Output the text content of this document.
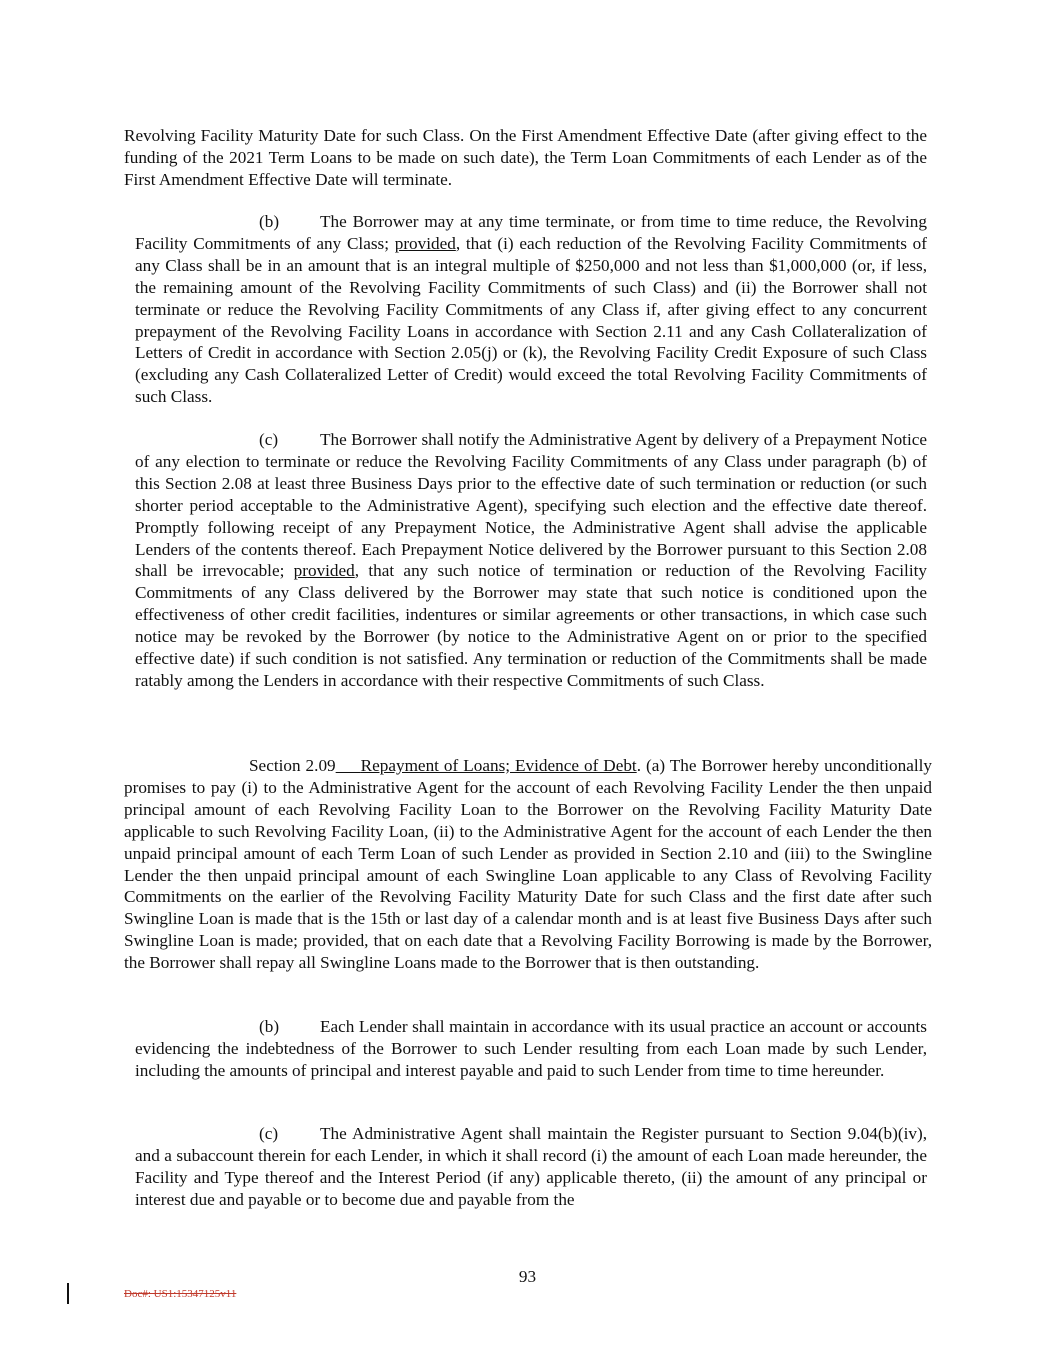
Revolving Facility Maturity Date for such Class. On the First Amendment Effective Date (after giving effect to the funding of the 2021 Term Loans to be made on such date), the Term Loan Commitments of each Lender as of the First Amendment Effective Date will terminate.

(b) The Borrower may at any time terminate, or from time to time reduce, the Revolving Facility Commitments of any Class; provided, that (i) each reduction of the Revolving Facility Commitments of any Class shall be in an amount that is an integral multiple of $250,000 and not less than $1,000,000 (or, if less, the remaining amount of the Revolving Facility Commitments of such Class) and (ii) the Borrower shall not terminate or reduce the Revolving Facility Commitments of any Class if, after giving effect to any concurrent prepayment of the Revolving Facility Loans in accordance with Section 2.11 and any Cash Collateralization of Letters of Credit in accordance with Section 2.05(j) or (k), the Revolving Facility Credit Exposure of such Class (excluding any Cash Collateralized Letter of Credit) would exceed the total Revolving Facility Commitments of such Class.

(c) The Borrower shall notify the Administrative Agent by delivery of a Prepayment Notice of any election to terminate or reduce the Revolving Facility Commitments of any Class under paragraph (b) of this Section 2.08 at least three Business Days prior to the effective date of such termination or reduction (or such shorter period acceptable to the Administrative Agent), specifying such election and the effective date thereof. Promptly following receipt of any Prepayment Notice, the Administrative Agent shall advise the applicable Lenders of the contents thereof. Each Prepayment Notice delivered by the Borrower pursuant to this Section 2.08 shall be irrevocable; provided, that any such notice of termination or reduction of the Revolving Facility Commitments of any Class delivered by the Borrower may state that such notice is conditioned upon the effectiveness of other credit facilities, indentures or similar agreements or other transactions, in which case such notice may be revoked by the Borrower (by notice to the Administrative Agent on or prior to the specified effective date) if such condition is not satisfied. Any termination or reduction of the Commitments shall be made ratably among the Lenders in accordance with their respective Commitments of such Class.

Section 2.09 Repayment of Loans; Evidence of Debt. (a) The Borrower hereby unconditionally promises to pay (i) to the Administrative Agent for the account of each Revolving Facility Lender the then unpaid principal amount of each Revolving Facility Loan to the Borrower on the Revolving Facility Maturity Date applicable to such Revolving Facility Loan, (ii) to the Administrative Agent for the account of each Lender the then unpaid principal amount of each Term Loan of such Lender as provided in Section 2.10 and (iii) to the Swingline Lender the then unpaid principal amount of each Swingline Loan applicable to any Class of Revolving Facility Commitments on the earlier of the Revolving Facility Maturity Date for such Class and the first date after such Swingline Loan is made that is the 15th or last day of a calendar month and is at least five Business Days after such Swingline Loan is made; provided, that on each date that a Revolving Facility Borrowing is made by the Borrower, the Borrower shall repay all Swingline Loans made to the Borrower that is then outstanding.

(b) Each Lender shall maintain in accordance with its usual practice an account or accounts evidencing the indebtedness of the Borrower to such Lender resulting from each Loan made by such Lender, including the amounts of principal and interest payable and paid to such Lender from time to time hereunder.

(c) The Administrative Agent shall maintain the Register pursuant to Section 9.04(b)(iv), and a subaccount therein for each Lender, in which it shall record (i) the amount of each Loan made hereunder, the Facility and Type thereof and the Interest Period (if any) applicable thereto, (ii) the amount of any principal or interest due and payable or to become due and payable from the

93
Doc#: US1:15347125v11
